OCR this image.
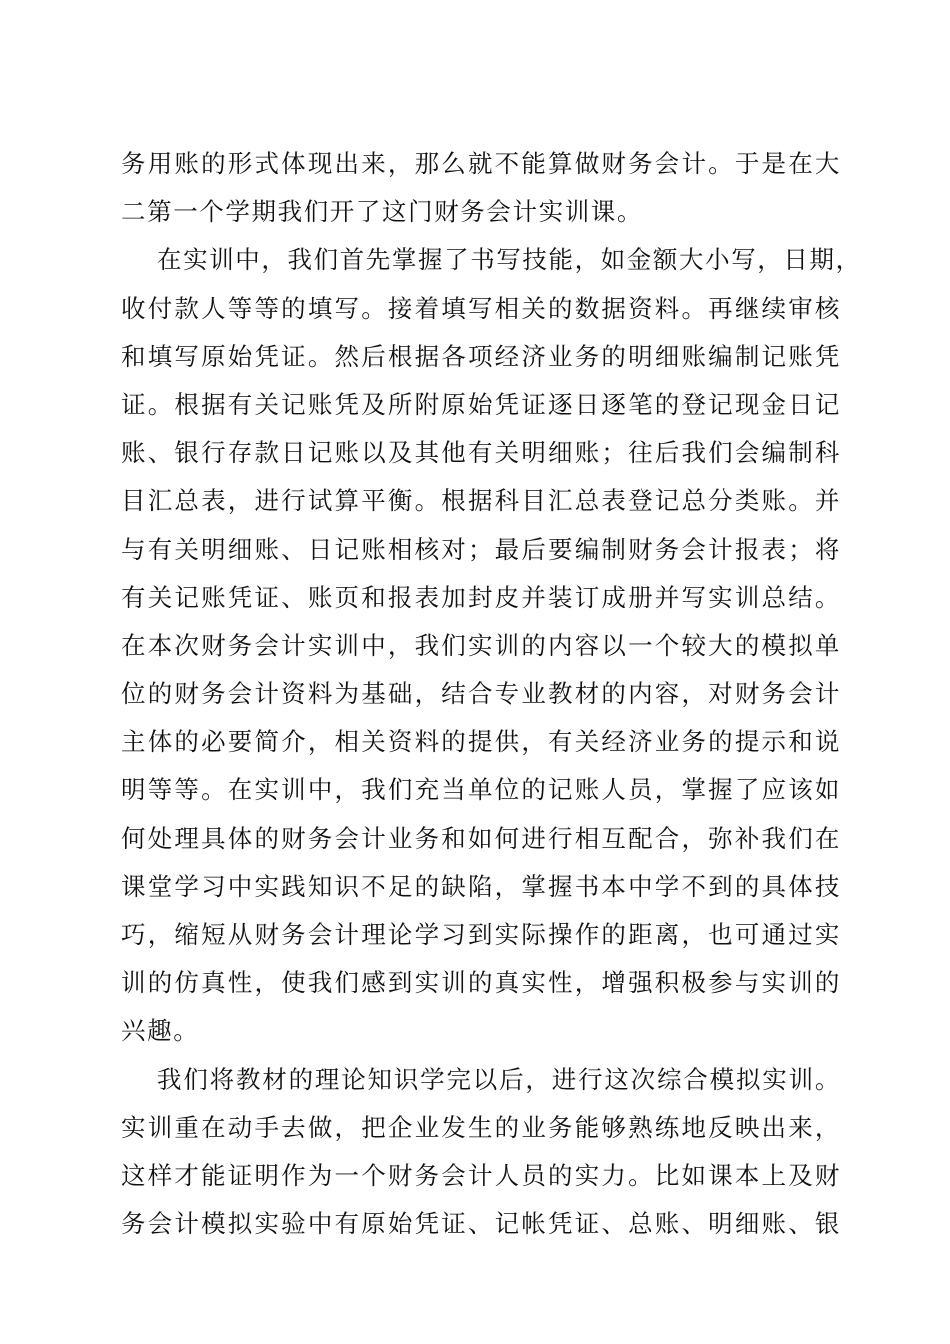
务用账的形式体现出来，那么就不能算做财务会计。于是在大
二第一个学期我们开了这门财务会计实训课。
在实训中，我们首先掌握了书写技能，如金额大小写，日期，
收付款人等等的填写。接着填写相关的数据资料。再继续审核
和填写原始凭证。然后根据各项经济业务的明细账编制记账凭
证。根据有关记账凭及所附原始凭证逐日逐笔的登记现金日记
账、银行存款日记账以及其他有关明细账；往后我们会编制科
目汇总表，进行试算平衡。根据科目汇总表登记总分类账。并
与有关明细账、日记账相核对；最后要编制财务会计报表；将
有关记账凭证、账页和报表加封皮并装订成册并写实训总结。
在本次财务会计实训中，我们实训的内容以一个较大的模拟单
位的财务会计资料为基础，结合专业教材的内容，对财务会计
主体的必要简介，相关资料的提供，有关经济业务的提示和说
明等等。在实训中，我们充当单位的记账人员，掌握了应该如
何处理具体的财务会计业务和如何进行相互配合，弥补我们在
课堂学习中实践知识不足的缺陷，掌握书本中学不到的具体技
巧，缩短从财务会计理论学习到实际操作的距离，也可通过实
训的仿真性，使我们感到实训的真实性，增强积极参与实训的
兴趣。
我们将教材的理论知识学完以后，进行这次综合模拟实训。
实训重在动手去做，把企业发生的业务能够熟练地反映出来，
这样才能证明作为一个财务会计人员的实力。比如课本上及财
务会计模拟实验中有原始凭证、记帐凭证、总账、明细账、银
